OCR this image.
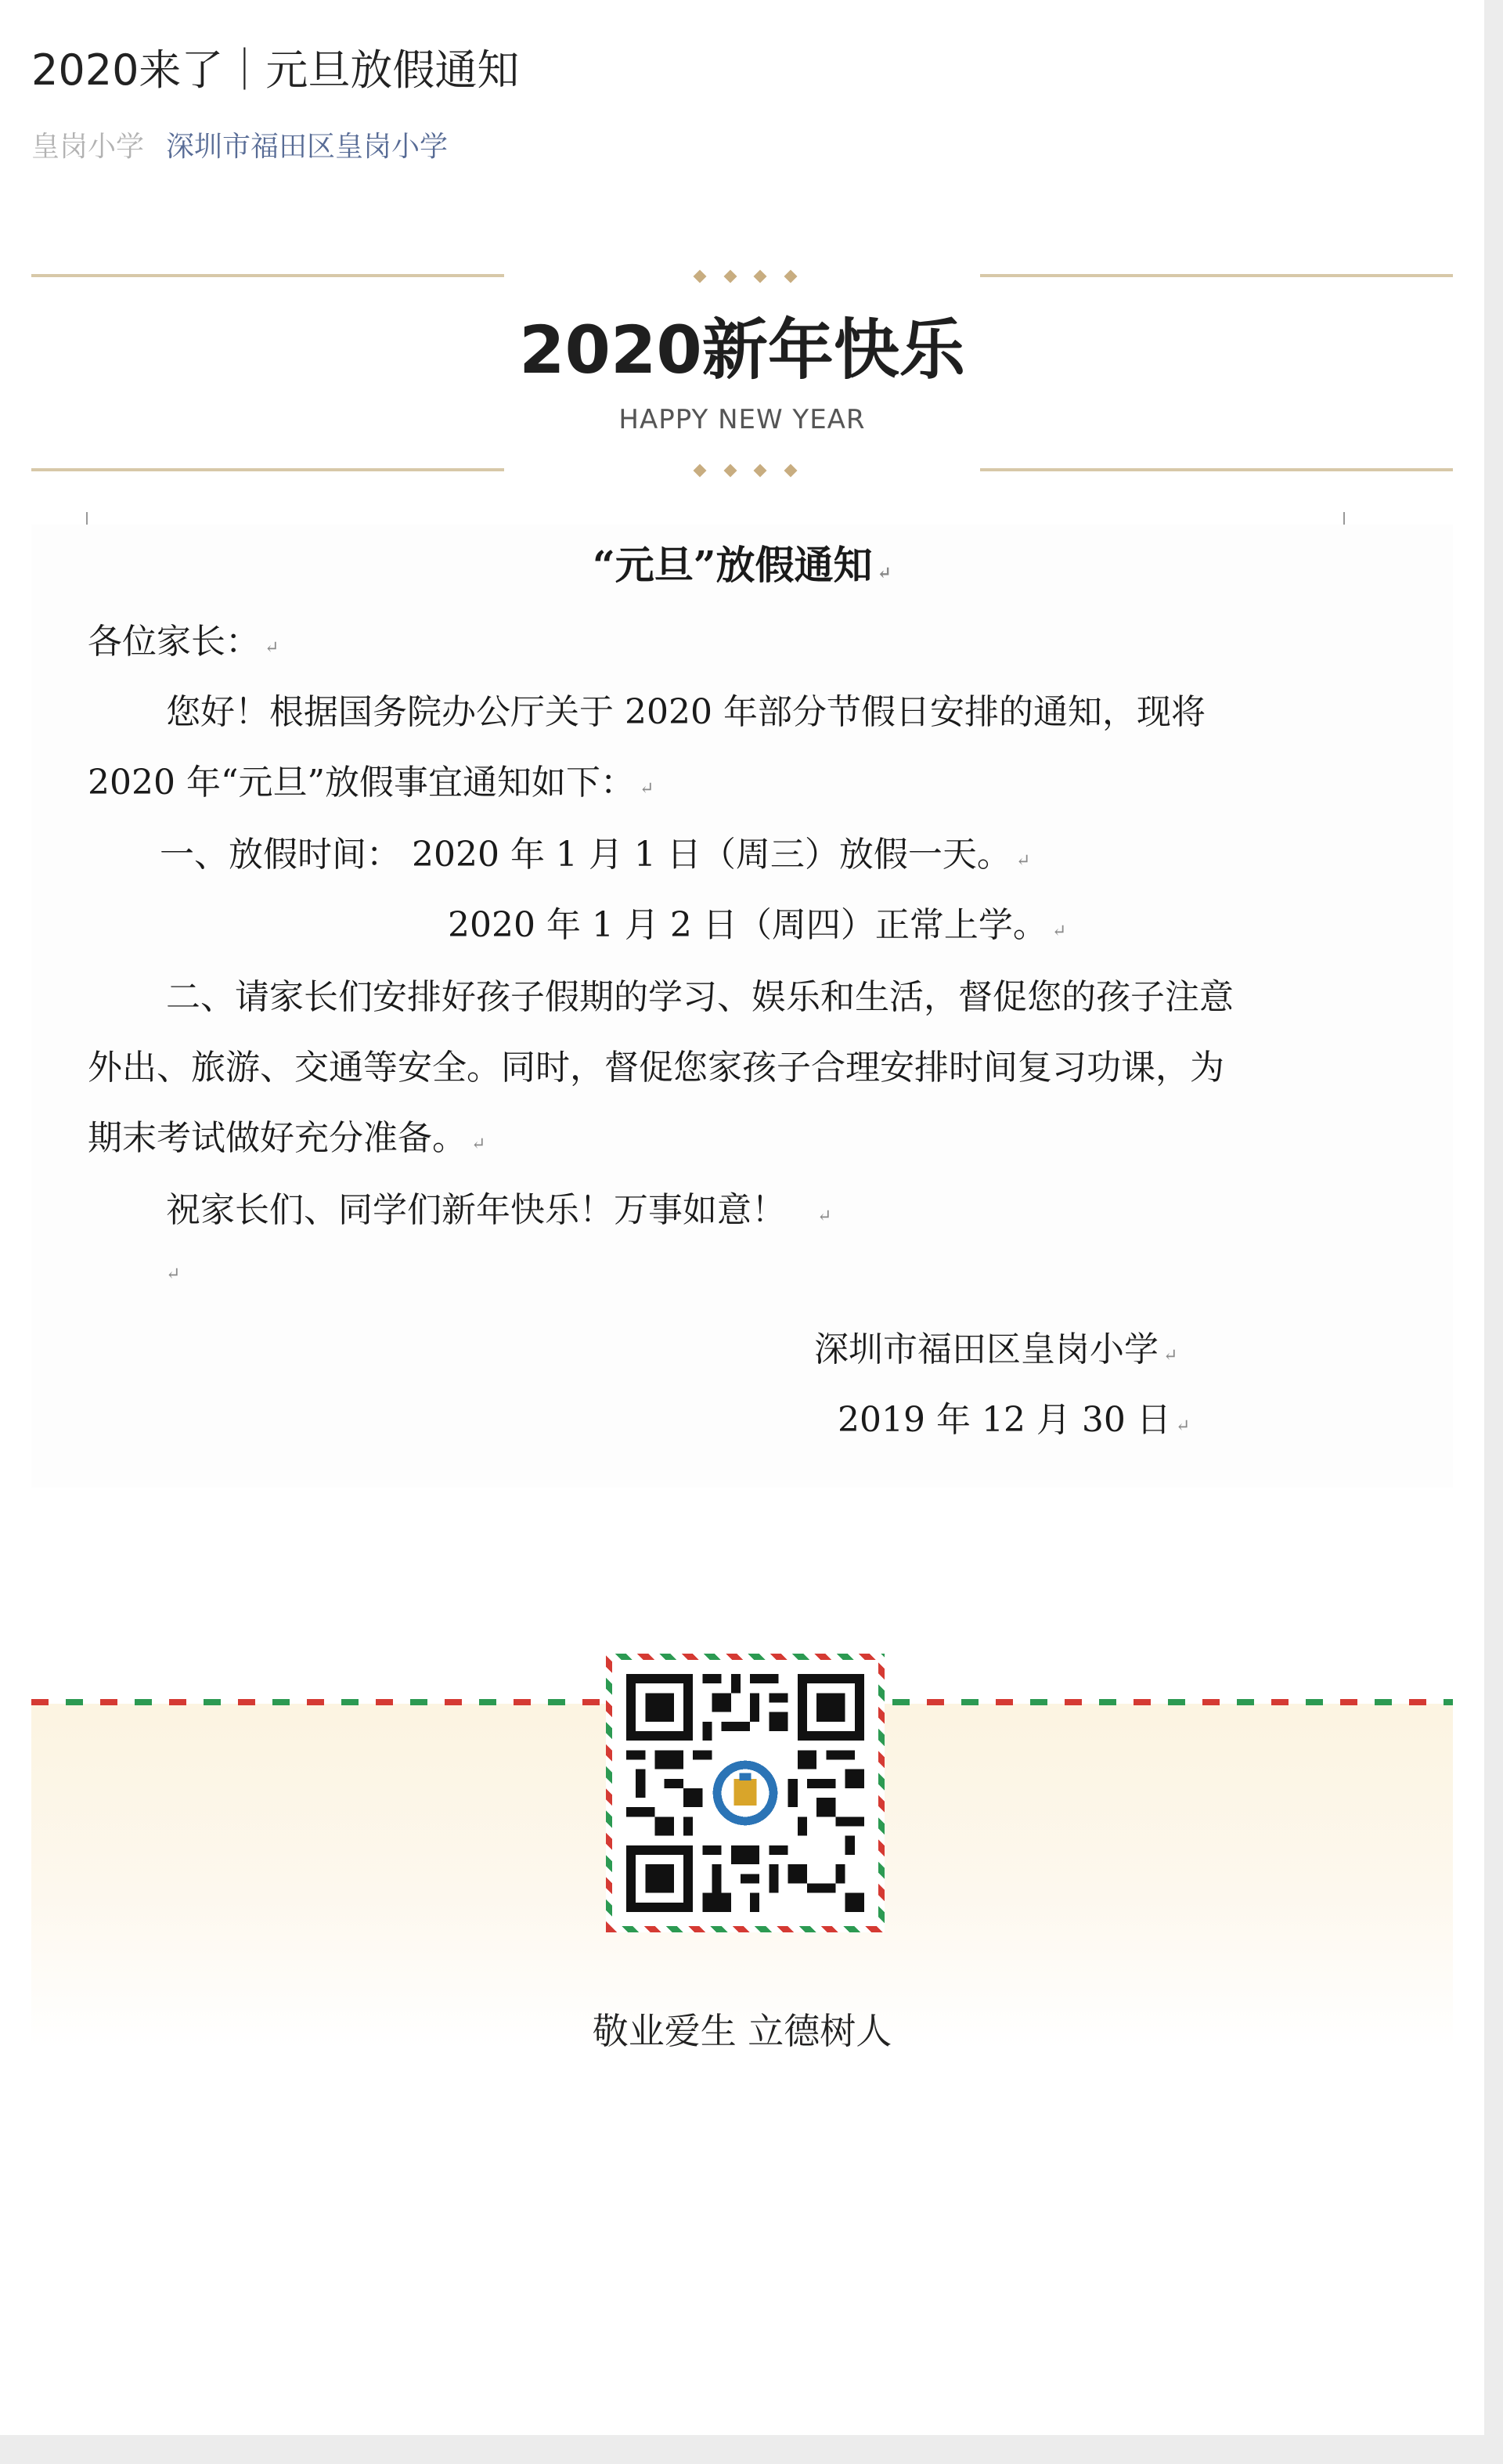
2020来了｜元旦放假通知
皇岗小学 深圳市福田区皇岗小学
2020新年快乐
HAPPY NEW YEAR
“元旦”放假通知 ↵
各位家长： ↵
您好！根据国务院办公厅关于 2020 年部分节假日安排的通知，现将
2020 年“元旦”放假事宜通知如下： ↵
一、放假时间： 2020 年 1 月 1 日（周三）放假一天。 ↵
2020 年 1 月 2 日（周四）正常上学。 ↵
二、请家长们安排好孩子假期的学习、娱乐和生活，督促您的孩子注意
外出、旅游、交通等安全。同时，督促您家孩子合理安排时间复习功课，为
期末考试做好充分准备。 ↵
祝家长们、同学们新年快乐！万事如意！ ↵
↵
深圳市福田区皇岗小学 ↵
2019 年 12 月 30 日 ↵
敬业爱生 立德树人
